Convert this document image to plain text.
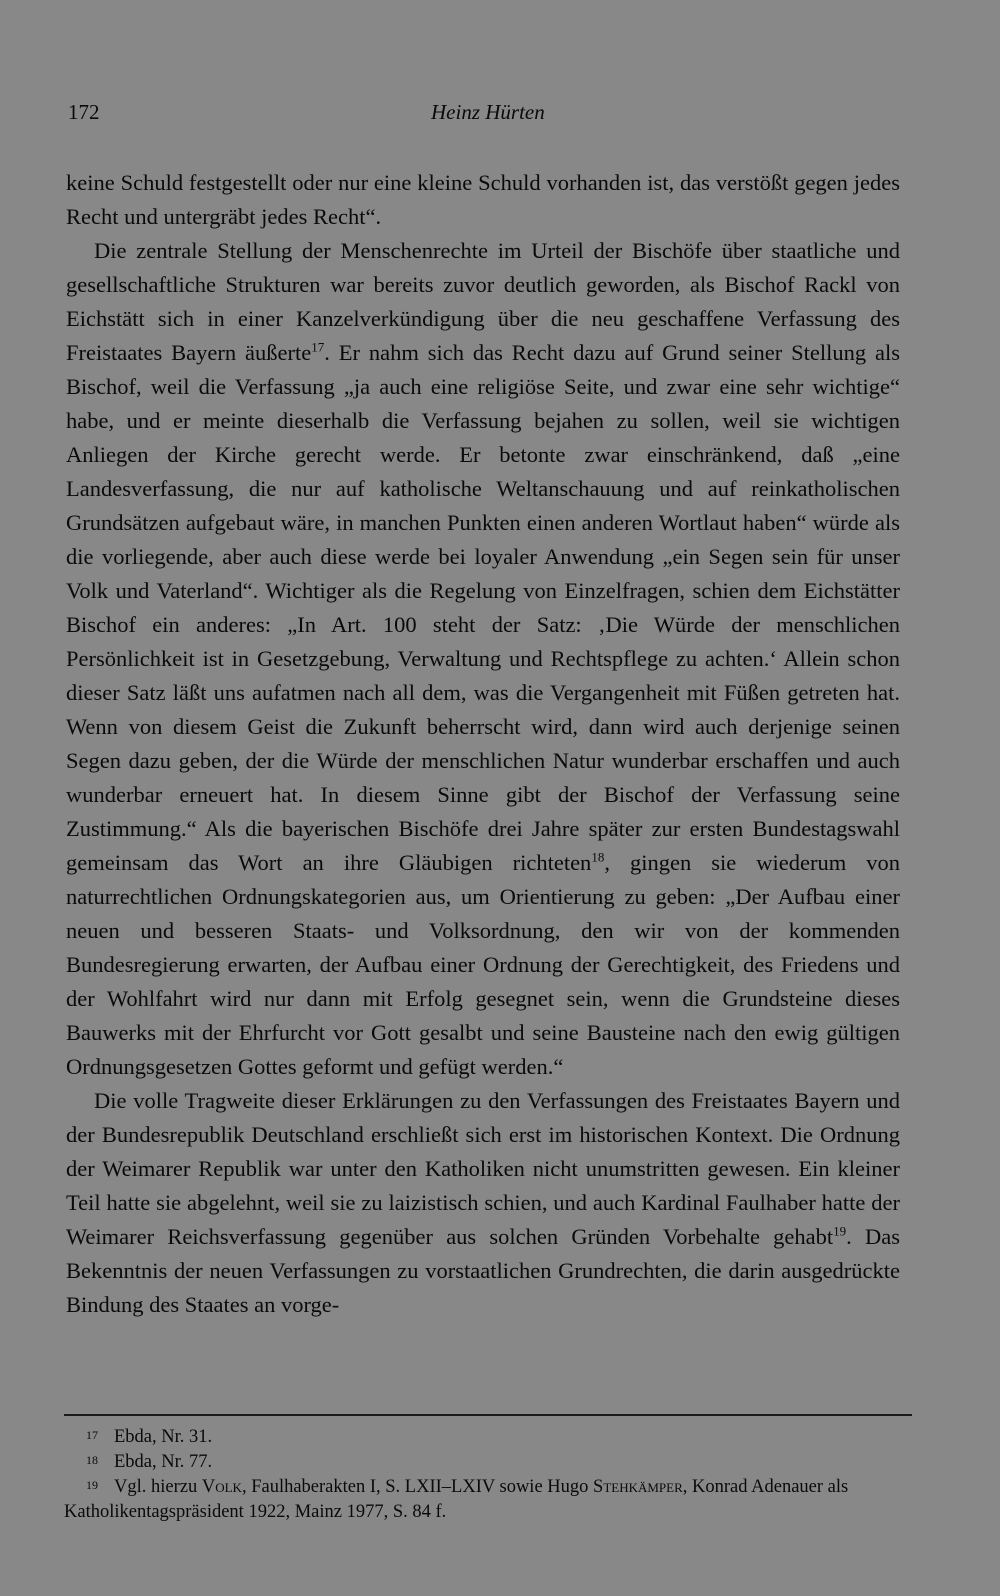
172	Heinz Hürten

keine Schuld festgestellt oder nur eine kleine Schuld vorhanden ist, das verstößt gegen jedes Recht und untergräbt jedes Recht“.

Die zentrale Stellung der Menschenrechte im Urteil der Bischöfe über staatliche und gesellschaftliche Strukturen war bereits zuvor deutlich geworden, als Bischof Rackl von Eichstätt sich in einer Kanzelverkündigung über die neu geschaffene Verfassung des Freistaates Bayern äußerte$^{17}$. Er nahm sich das Recht dazu auf Grund seiner Stellung als Bischof, weil die Verfassung „ja auch eine religiöse Seite, und zwar eine sehr wichtige“ habe, und er meinte dieserhalb die Verfassung bejahen zu sollen, weil sie wichtigen Anliegen der Kirche gerecht werde. Er betonte zwar einschränkend, daß „eine Landesverfassung, die nur auf katholische Weltanschauung und auf reinkatholischen Grundsätzen aufgebaut wäre, in manchen Punkten einen anderen Wortlaut haben“ würde als die vorliegende, aber auch diese werde bei loyaler Anwendung „ein Segen sein für unser Volk und Vaterland“. Wichtiger als die Regelung von Einzelfragen, schien dem Eichstätter Bischof ein anderes: „In Art. 100 steht der Satz: ‚Die Würde der menschlichen Persönlichkeit ist in Gesetzgebung, Verwaltung und Rechtspflege zu achten.‘ Allein schon dieser Satz läßt uns aufatmen nach all dem, was die Vergangenheit mit Füßen getreten hat. Wenn von diesem Geist die Zukunft beherrscht wird, dann wird auch derjenige seinen Segen dazu geben, der die Würde der menschlichen Natur wunderbar erschaffen und auch wunderbar erneuert hat. In diesem Sinne gibt der Bischof der Verfassung seine Zustimmung.“ Als die bayerischen Bischöfe drei Jahre später zur ersten Bundestagswahl gemeinsam das Wort an ihre Gläubigen richteten$^{18}$, gingen sie wiederum von naturrechtlichen Ordnungskategorien aus, um Orientierung zu geben: „Der Aufbau einer neuen und besseren Staats- und Volksordnung, den wir von der kommenden Bundesregierung erwarten, der Aufbau einer Ordnung der Gerechtigkeit, des Friedens und der Wohlfahrt wird nur dann mit Erfolg gesegnet sein, wenn die Grundsteine dieses Bauwerks mit der Ehrfurcht vor Gott gesalbt und seine Bausteine nach den ewig gültigen Ordnungsgesetzen Gottes geformt und gefügt werden.“

Die volle Tragweite dieser Erklärungen zu den Verfassungen des Freistaates Bayern und der Bundesrepublik Deutschland erschließt sich erst im historischen Kontext. Die Ordnung der Weimarer Republik war unter den Katholiken nicht unumstritten gewesen. Ein kleiner Teil hatte sie abgelehnt, weil sie zu laizistisch schien, und auch Kardinal Faulhaber hatte der Weimarer Reichsverfassung gegenüber aus solchen Gründen Vorbehalte gehabt$^{19}$. Das Bekenntnis der neuen Verfassungen zu vorstaatlichen Grundrechten, die darin ausgedrückte Bindung des Staates an vorge-

17 Ebda, Nr. 31.

18 Ebda, Nr. 77.

19 Vgl. hierzu Volk, Faulhaberakten I, S. LXII–LXIV sowie Hugo Stehkämper, Konrad Adenauer als Katholikentagspräsident 1922, Mainz 1977, S. 84 f.
